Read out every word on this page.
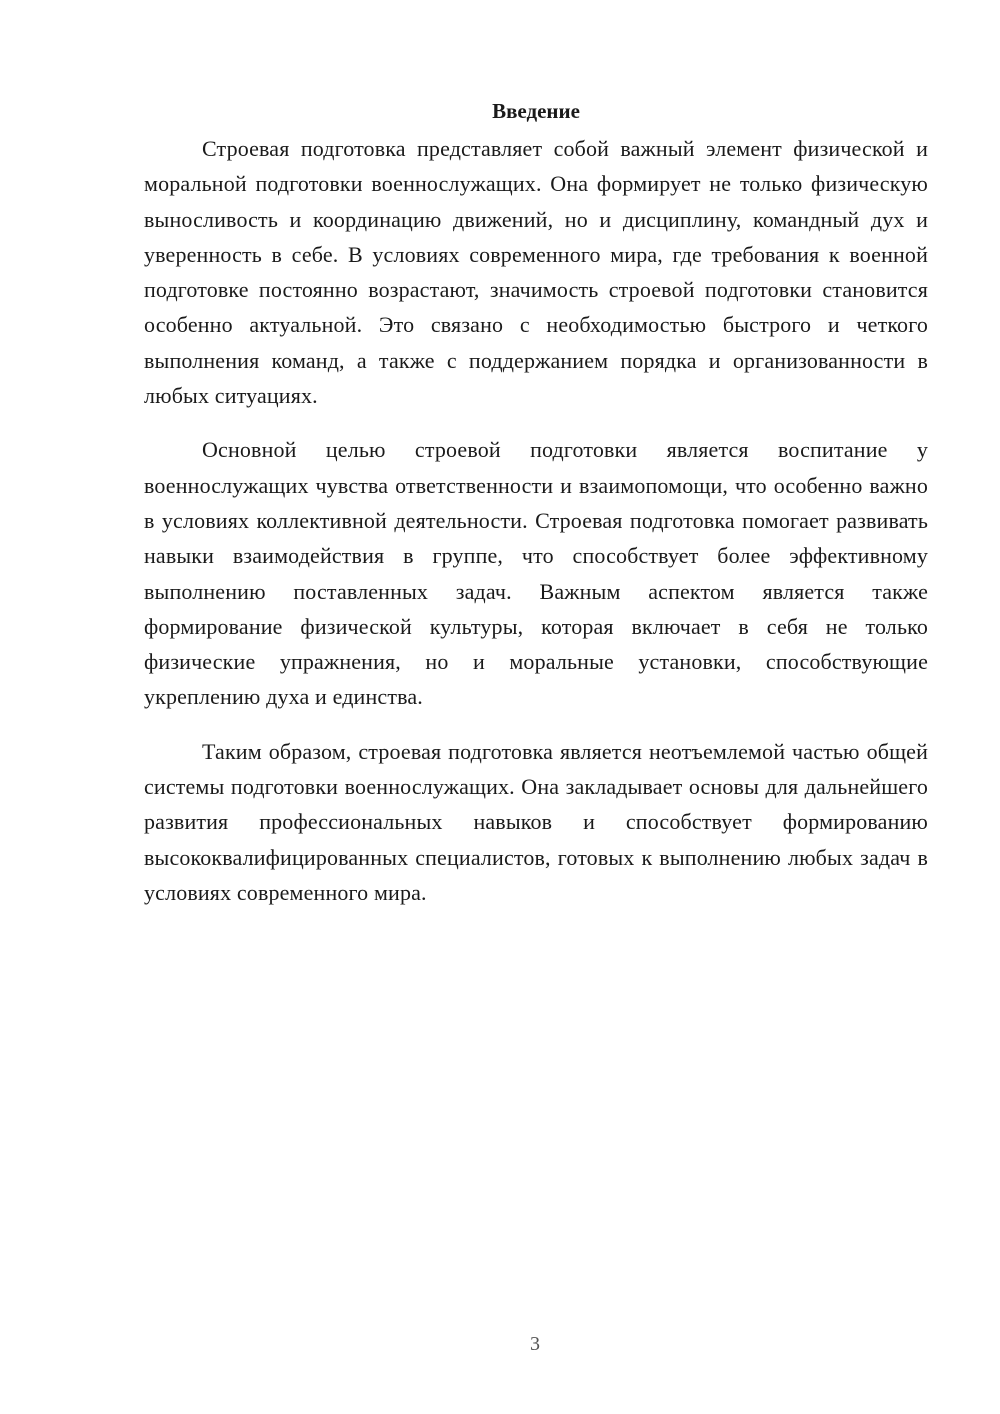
Введение

Строевая подготовка представляет собой важный элемент физической и моральной подготовки военнослужащих. Она формирует не только физическую выносливость и координацию движений, но и дисциплину, командный дух и уверенность в себе. В условиях современного мира, где требования к военной подготовке постоянно возрастают, значимость строевой подготовки становится особенно актуальной. Это связано с необходимостью быстрого и четкого выполнения команд, а также с поддержанием порядка и организованности в любых ситуациях.

Основной целью строевой подготовки является воспитание у военнослужащих чувства ответственности и взаимопомощи, что особенно важно в условиях коллективной деятельности. Строевая подготовка помогает развивать навыки взаимодействия в группе, что способствует более эффективному выполнению поставленных задач. Важным аспектом является также формирование физической культуры, которая включает в себя не только физические упражнения, но и моральные установки, способствующие укреплению духа и единства.

Таким образом, строевая подготовка является неотъемлемой частью общей системы подготовки военнослужащих. Она закладывает основы для дальнейшего развития профессиональных навыков и способствует формированию высококвалифицированных специалистов, готовых к выполнению любых задач в условиях современного мира.

3
